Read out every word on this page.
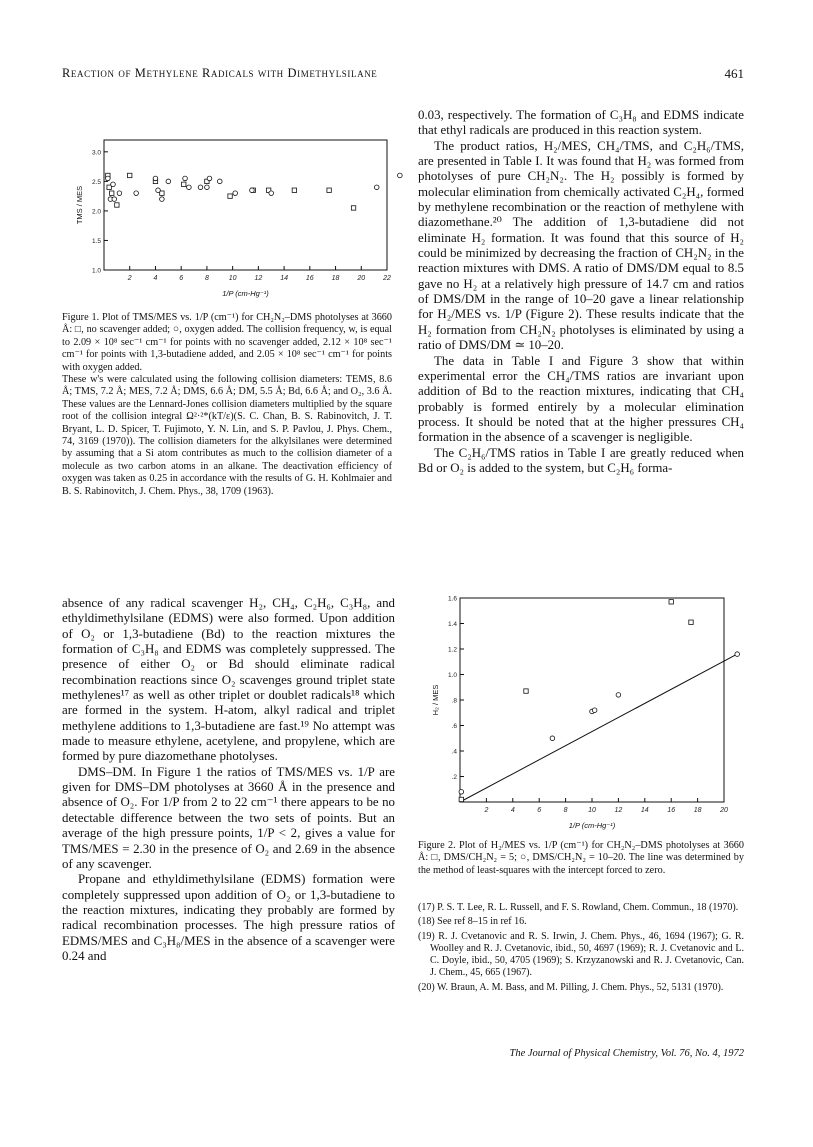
Reaction of Methylene Radicals with Dimethylsilane	461
2	4	6	8	10	12	14	16	18	20	22
1.0
1.5
2.0
2.5
3.0
TMS / MES
1/P (cm-Hg⁻¹)

Figure 1. Plot of TMS/MES vs. 1/P (cm⁻¹) for CH₂N₂–DMS photolyses at 3660 Å: □, no scavenger added; ○, oxygen added. The collision frequency, w, is equal to 2.09 × 10⁸ sec⁻¹ cm⁻¹ for points with no scavenger added, 2.12 × 10⁸ sec⁻¹ cm⁻¹ for points with 1,3-butadiene added, and 2.05 × 10⁸ sec⁻¹ cm⁻¹ for points with oxygen added.

These w's were calculated using the following collision diameters: TEMS, 8.6 Å; TMS, 7.2 Å; MES, 7.2 Å; DMS, 6.6 Å; DM, 5.5 Å; Bd, 6.6 Å; and O₂, 3.6 Å. These values are the Lennard-Jones collision diameters multiplied by the square root of the collision integral Ω²·²*(kT/ε)(S. C. Chan, B. S. Rabinovitch, J. T. Bryant, L. D. Spicer, T. Fujimoto, Y. N. Lin, and S. P. Pavlou, J. Phys. Chem., 74, 3169 (1970)). The collision diameters for the alkylsilanes were determined by assuming that a Si atom contributes as much to the collision diameter of a molecule as two carbon atoms in an alkane. The deactivation efficiency of oxygen was taken as 0.25 in accordance with the results of G. H. Kohlmaier and B. S. Rabinovitch, J. Chem. Phys., 38, 1709 (1963).

0.03, respectively. The formation of C₃H₈ and EDMS indicate that ethyl radicals are produced in this reaction system.

The product ratios, H₂/MES, CH₄/TMS, and C₂H₆/TMS, are presented in Table I. It was found that H₂ was formed from photolyses of pure CH₂N₂. The H₂ possibly is formed by molecular elimination from chemically activated C₂H₄, formed by methylene recombination or the reaction of methylene with diazomethane.²⁰ The addition of 1,3-butadiene did not eliminate H₂ formation. It was found that this source of H₂ could be minimized by decreasing the fraction of CH₂N₂ in the reaction mixtures with DMS. A ratio of DMS/DM equal to 8.5 gave no H₂ at a relatively high pressure of 14.7 cm and ratios of DMS/DM in the range of 10–20 gave a linear relationship for H₂/MES vs. 1/P (Figure 2). These results indicate that the H₂ formation from CH₂N₂ photolyses is eliminated by using a ratio of DMS/DM ≃ 10–20.

The data in Table I and Figure 3 show that within experimental error the CH₄/TMS ratios are invariant upon addition of Bd to the reaction mixtures, indicating that CH₄ probably is formed entirely by a molecular elimination process. It should be noted that at the higher pressures CH₄ formation in the absence of a scavenger is negligible.

The C₂H₆/TMS ratios in Table I are greatly reduced when Bd or O₂ is added to the system, but C₂H₆ forma-

absence of any radical scavenger H₂, CH₄, C₂H₆, C₃H₈, and ethyldimethylsilane (EDMS) were also formed. Upon addition of O₂ or 1,3-butadiene (Bd) to the reaction mixtures the formation of C₃H₈ and EDMS was completely suppressed. The presence of either O₂ or Bd should eliminate radical recombination reactions since O₂ scavenges ground triplet state methylenes¹⁷ as well as other triplet or doublet radicals¹⁸ which are formed in the system. H-atom, alkyl radical and triplet methylene additions to 1,3-butadiene are fast.¹⁹ No attempt was made to measure ethylene, acetylene, and propylene, which are formed by pure diazomethane photolyses.

DMS–DM. In Figure 1 the ratios of TMS/MES vs. 1/P are given for DMS–DM photolyses at 3660 Å in the presence and absence of O₂. For 1/P from 2 to 22 cm⁻¹ there appears to be no detectable difference between the two sets of points. But an average of the high pressure points, 1/P < 2, gives a value for TMS/MES = 2.30 in the presence of O₂ and 2.69 in the absence of any scavenger.

Propane and ethyldimethylsilane (EDMS) formation were completely suppressed upon addition of O₂ or 1,3-butadiene to the reaction mixtures, indicating they probably are formed by radical recombination processes. The high pressure ratios of EDMS/MES and C₃H₈/MES in the absence of a scavenger were 0.24 and

2	4	6	8	10	12	14	16	18	20
.2
.4
.6
.8
1.0
1.2
1.4
1.6
H₂ / MES
1/P (cm-Hg⁻¹)

Figure 2. Plot of H₂/MES vs. 1/P (cm⁻¹) for CH₂N₂–DMS photolyses at 3660 Å: □, DMS/CH₂N₂ = 5; ○, DMS/CH₂N₂ = 10–20. The line was determined by the method of least-squares with the intercept forced to zero.

(17) P. S. T. Lee, R. L. Russell, and F. S. Rowland, Chem. Commun., 18 (1970).

(18) See ref 8–15 in ref 16.

(19) R. J. Cvetanovic and R. S. Irwin, J. Chem. Phys., 46, 1694 (1967); G. R. Woolley and R. J. Cvetanovic, ibid., 50, 4697 (1969); R. J. Cvetanovic and L. C. Doyle, ibid., 50, 4705 (1969); S. Krzyzanowski and R. J. Cvetanovic, Can. J. Chem., 45, 665 (1967).

(20) W. Braun, A. M. Bass, and M. Pilling, J. Chem. Phys., 52, 5131 (1970).

The Journal of Physical Chemistry, Vol. 76, No. 4, 1972
